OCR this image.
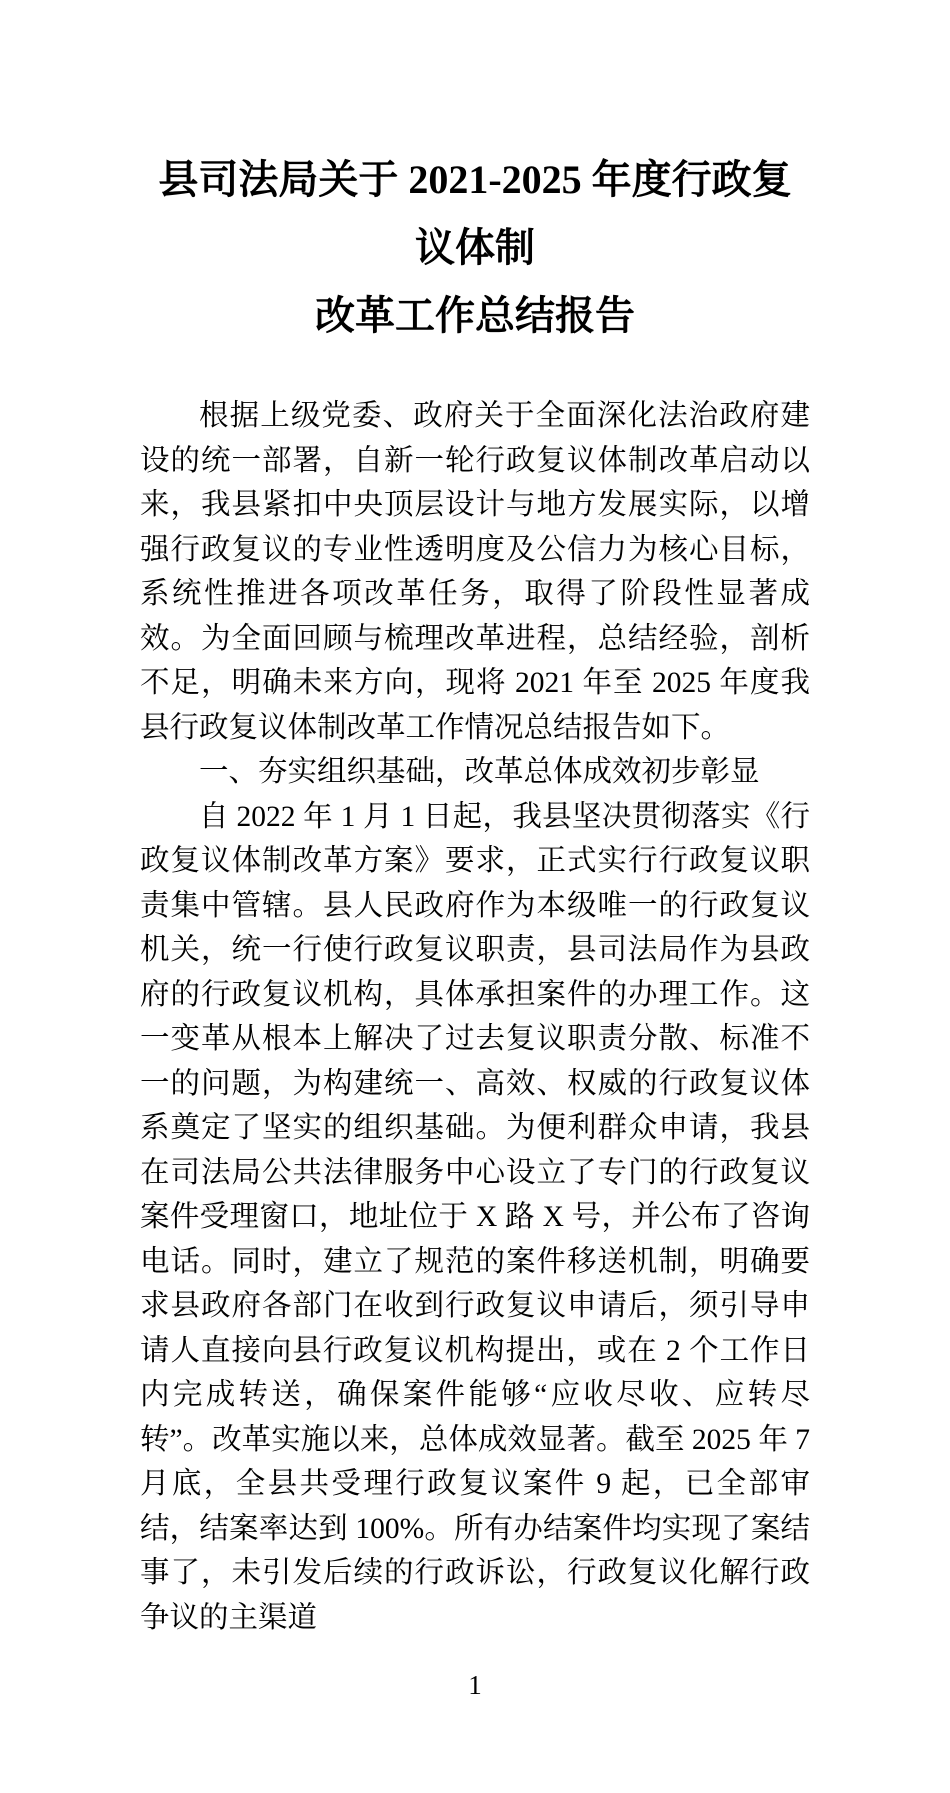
县司法局关于 2021-2025 年度行政复议体制
改革工作总结报告

根据上级党委、政府关于全面深化法治政府建设的统一部署，自新一轮行政复议体制改革启动以来，我县紧扣中央顶层设计与地方发展实际，以增强行政复议的专业性透明度及公信力为核心目标，系统性推进各项改革任务，取得了阶段性显著成效。为全面回顾与梳理改革进程，总结经验，剖析不足，明确未来方向，现将 2021 年至 2025 年度我县行政复议体制改革工作情况总结报告如下。

一、夯实组织基础，改革总体成效初步彰显

自 2022 年 1 月 1 日起，我县坚决贯彻落实《行政复议体制改革方案》要求，正式实行行政复议职责集中管辖。县人民政府作为本级唯一的行政复议机关，统一行使行政复议职责，县司法局作为县政府的行政复议机构，具体承担案件的办理工作。这一变革从根本上解决了过去复议职责分散、标准不一的问题，为构建统一、高效、权威的行政复议体系奠定了坚实的组织基础。为便利群众申请，我县在司法局公共法律服务中心设立了专门的行政复议案件受理窗口，地址位于 X 路 X 号，并公布了咨询电话。同时，建立了规范的案件移送机制，明确要求县政府各部门在收到行政复议申请后，须引导申请人直接向县行政复议机构提出，或在 2 个工作日内完成转送，确保案件能够“应收尽收、应转尽转”。改革实施以来，总体成效显著。截至 2025 年 7 月底，全县共受理行政复议案件 9 起，已全部审结，结案率达到 100%。所有办结案件均实现了案结事了，未引发后续的行政诉讼，行政复议化解行政争议的主渠道

1
